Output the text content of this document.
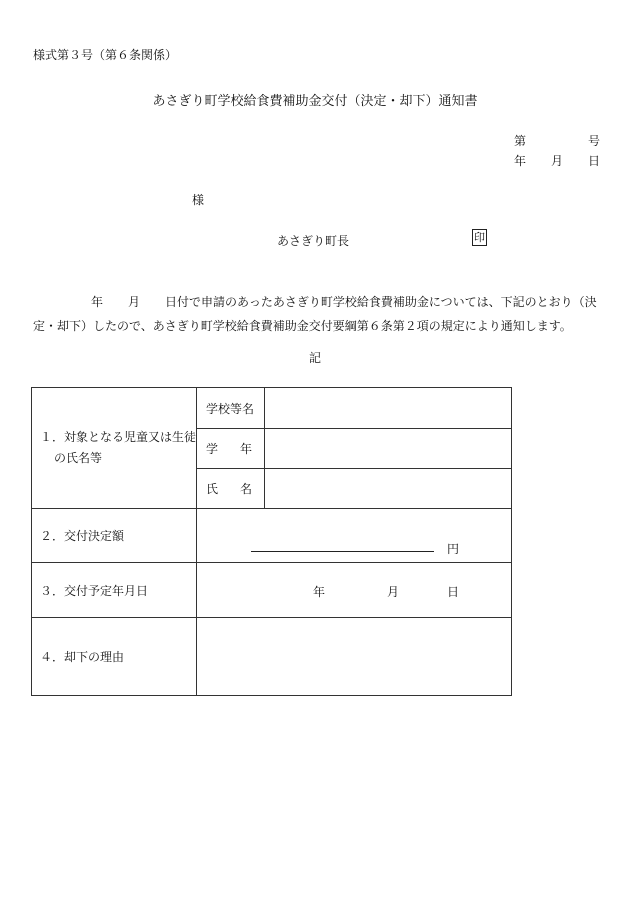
様式第３号（第６条関係）
あさぎり町学校給食費補助金交付（決定・却下）通知書
第	号
年 月 日
様
あさぎり町長	印
年 月 日付で申請のあったあさぎり町学校給食費補助金については、下記のとおり（決定・却下）したので、あさぎり町学校給食費補助金交付要綱第６条第２項の規定により通知します。
記
１．対象となる児童又は生徒
の氏名等	学校等名	

	学 年	

	氏 名	

２．交付決定額	円	

３．交付予定年月日	年 月 日	

４．却下の理由		
